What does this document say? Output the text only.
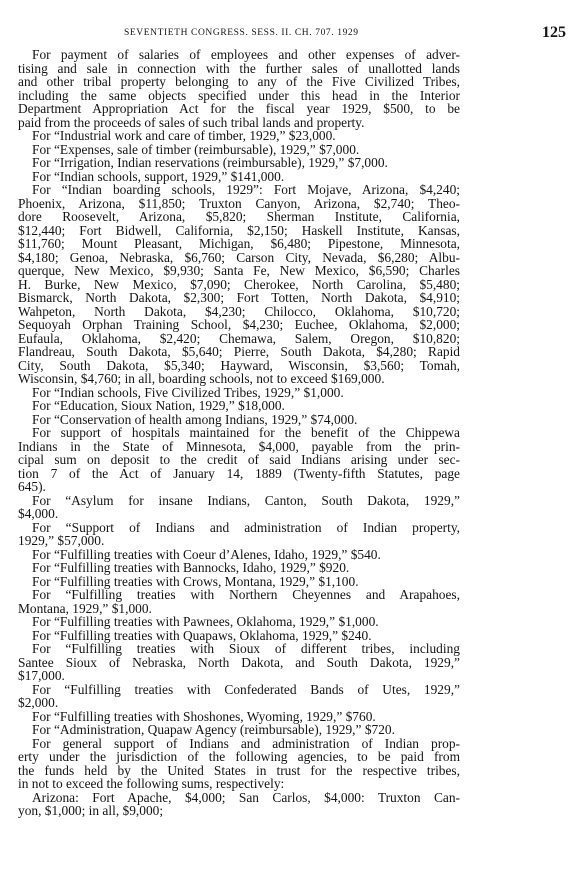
SEVENTIETH CONGRESS. SESS. II. CH. 707. 1929	125
For payment of salaries of employees and other expenses of adver-
tising and sale in connection with the further sales of unallotted lands
and other tribal property belonging to any of the Five Civilized Tribes,
including the same objects specified under this head in the Interior
Department Appropriation Act for the fiscal year 1929, $500, to be
paid from the proceeds of sales of such tribal lands and property.
For “Industrial work and care of timber, 1929,” $23,000.
For “Expenses, sale of timber (reimbursable), 1929,” $7,000.
For “Irrigation, Indian reservations (reimbursable), 1929,” $7,000.
For “Indian schools, support, 1929,” $141,000.
For “Indian boarding schools, 1929”: Fort Mojave, Arizona, $4,240;
Phoenix, Arizona, $11,850; Truxton Canyon, Arizona, $2,740; Theo-
dore Roosevelt, Arizona, $5,820; Sherman Institute, California,
$12,440; Fort Bidwell, California, $2,150; Haskell Institute, Kansas,
$11,760; Mount Pleasant, Michigan, $6,480; Pipestone, Minnesota,
$4,180; Genoa, Nebraska, $6,760; Carson City, Nevada, $6,280; Albu-
querque, New Mexico, $9,930; Santa Fe, New Mexico, $6,590; Charles
H. Burke, New Mexico, $7,090; Cherokee, North Carolina, $5,480;
Bismarck, North Dakota, $2,300; Fort Totten, North Dakota, $4,910;
Wahpeton, North Dakota, $4,230; Chilocco, Oklahoma, $10,720;
Sequoyah Orphan Training School, $4,230; Euchee, Oklahoma, $2,000;
Eufaula, Oklahoma, $2,420; Chemawa, Salem, Oregon, $10,820;
Flandreau, South Dakota, $5,640; Pierre, South Dakota, $4,280; Rapid
City, South Dakota, $5,340; Hayward, Wisconsin, $3,560; Tomah,
Wisconsin, $4,760; in all, boarding schools, not to exceed $169,000.
For “Indian schools, Five Civilized Tribes, 1929,” $1,000.
For “Education, Sioux Nation, 1929,” $18,000.
For “Conservation of health among Indians, 1929,” $74,000.
For support of hospitals maintained for the benefit of the Chippewa
Indians in the State of Minnesota, $4,000, payable from the prin-
cipal sum on deposit to the credit of said Indians arising under sec-
tion 7 of the Act of January 14, 1889 (Twenty-fifth Statutes, page
645).
For “Asylum for insane Indians, Canton, South Dakota, 1929,”
$4,000.
For “Support of Indians and administration of Indian property,
1929,” $57,000.
For “Fulfilling treaties with Coeur d’Alenes, Idaho, 1929,” $540.
For “Fulfilling treaties with Bannocks, Idaho, 1929,” $920.
For “Fulfilling treaties with Crows, Montana, 1929,” $1,100.
For “Fulfilling treaties with Northern Cheyennes and Arapahoes,
Montana, 1929,” $1,000.
For “Fulfilling treaties with Pawnees, Oklahoma, 1929,” $1,000.
For “Fulfilling treaties with Quapaws, Oklahoma, 1929,” $240.
For “Fulfilling treaties with Sioux of different tribes, including
Santee Sioux of Nebraska, North Dakota, and South Dakota, 1929,”
$17,000.
For “Fulfilling treaties with Confederated Bands of Utes, 1929,”
$2,000.
For “Fulfilling treaties with Shoshones, Wyoming, 1929,” $760.
For “Administration, Quapaw Agency (reimbursable), 1929,” $720.
For general support of Indians and administration of Indian prop-
erty under the jurisdiction of the following agencies, to be paid from
the funds held by the United States in trust for the respective tribes,
in not to exceed the following sums, respectively:
Arizona: Fort Apache, $4,000; San Carlos, $4,000: Truxton Can-
yon, $1,000; in all, $9,000;
